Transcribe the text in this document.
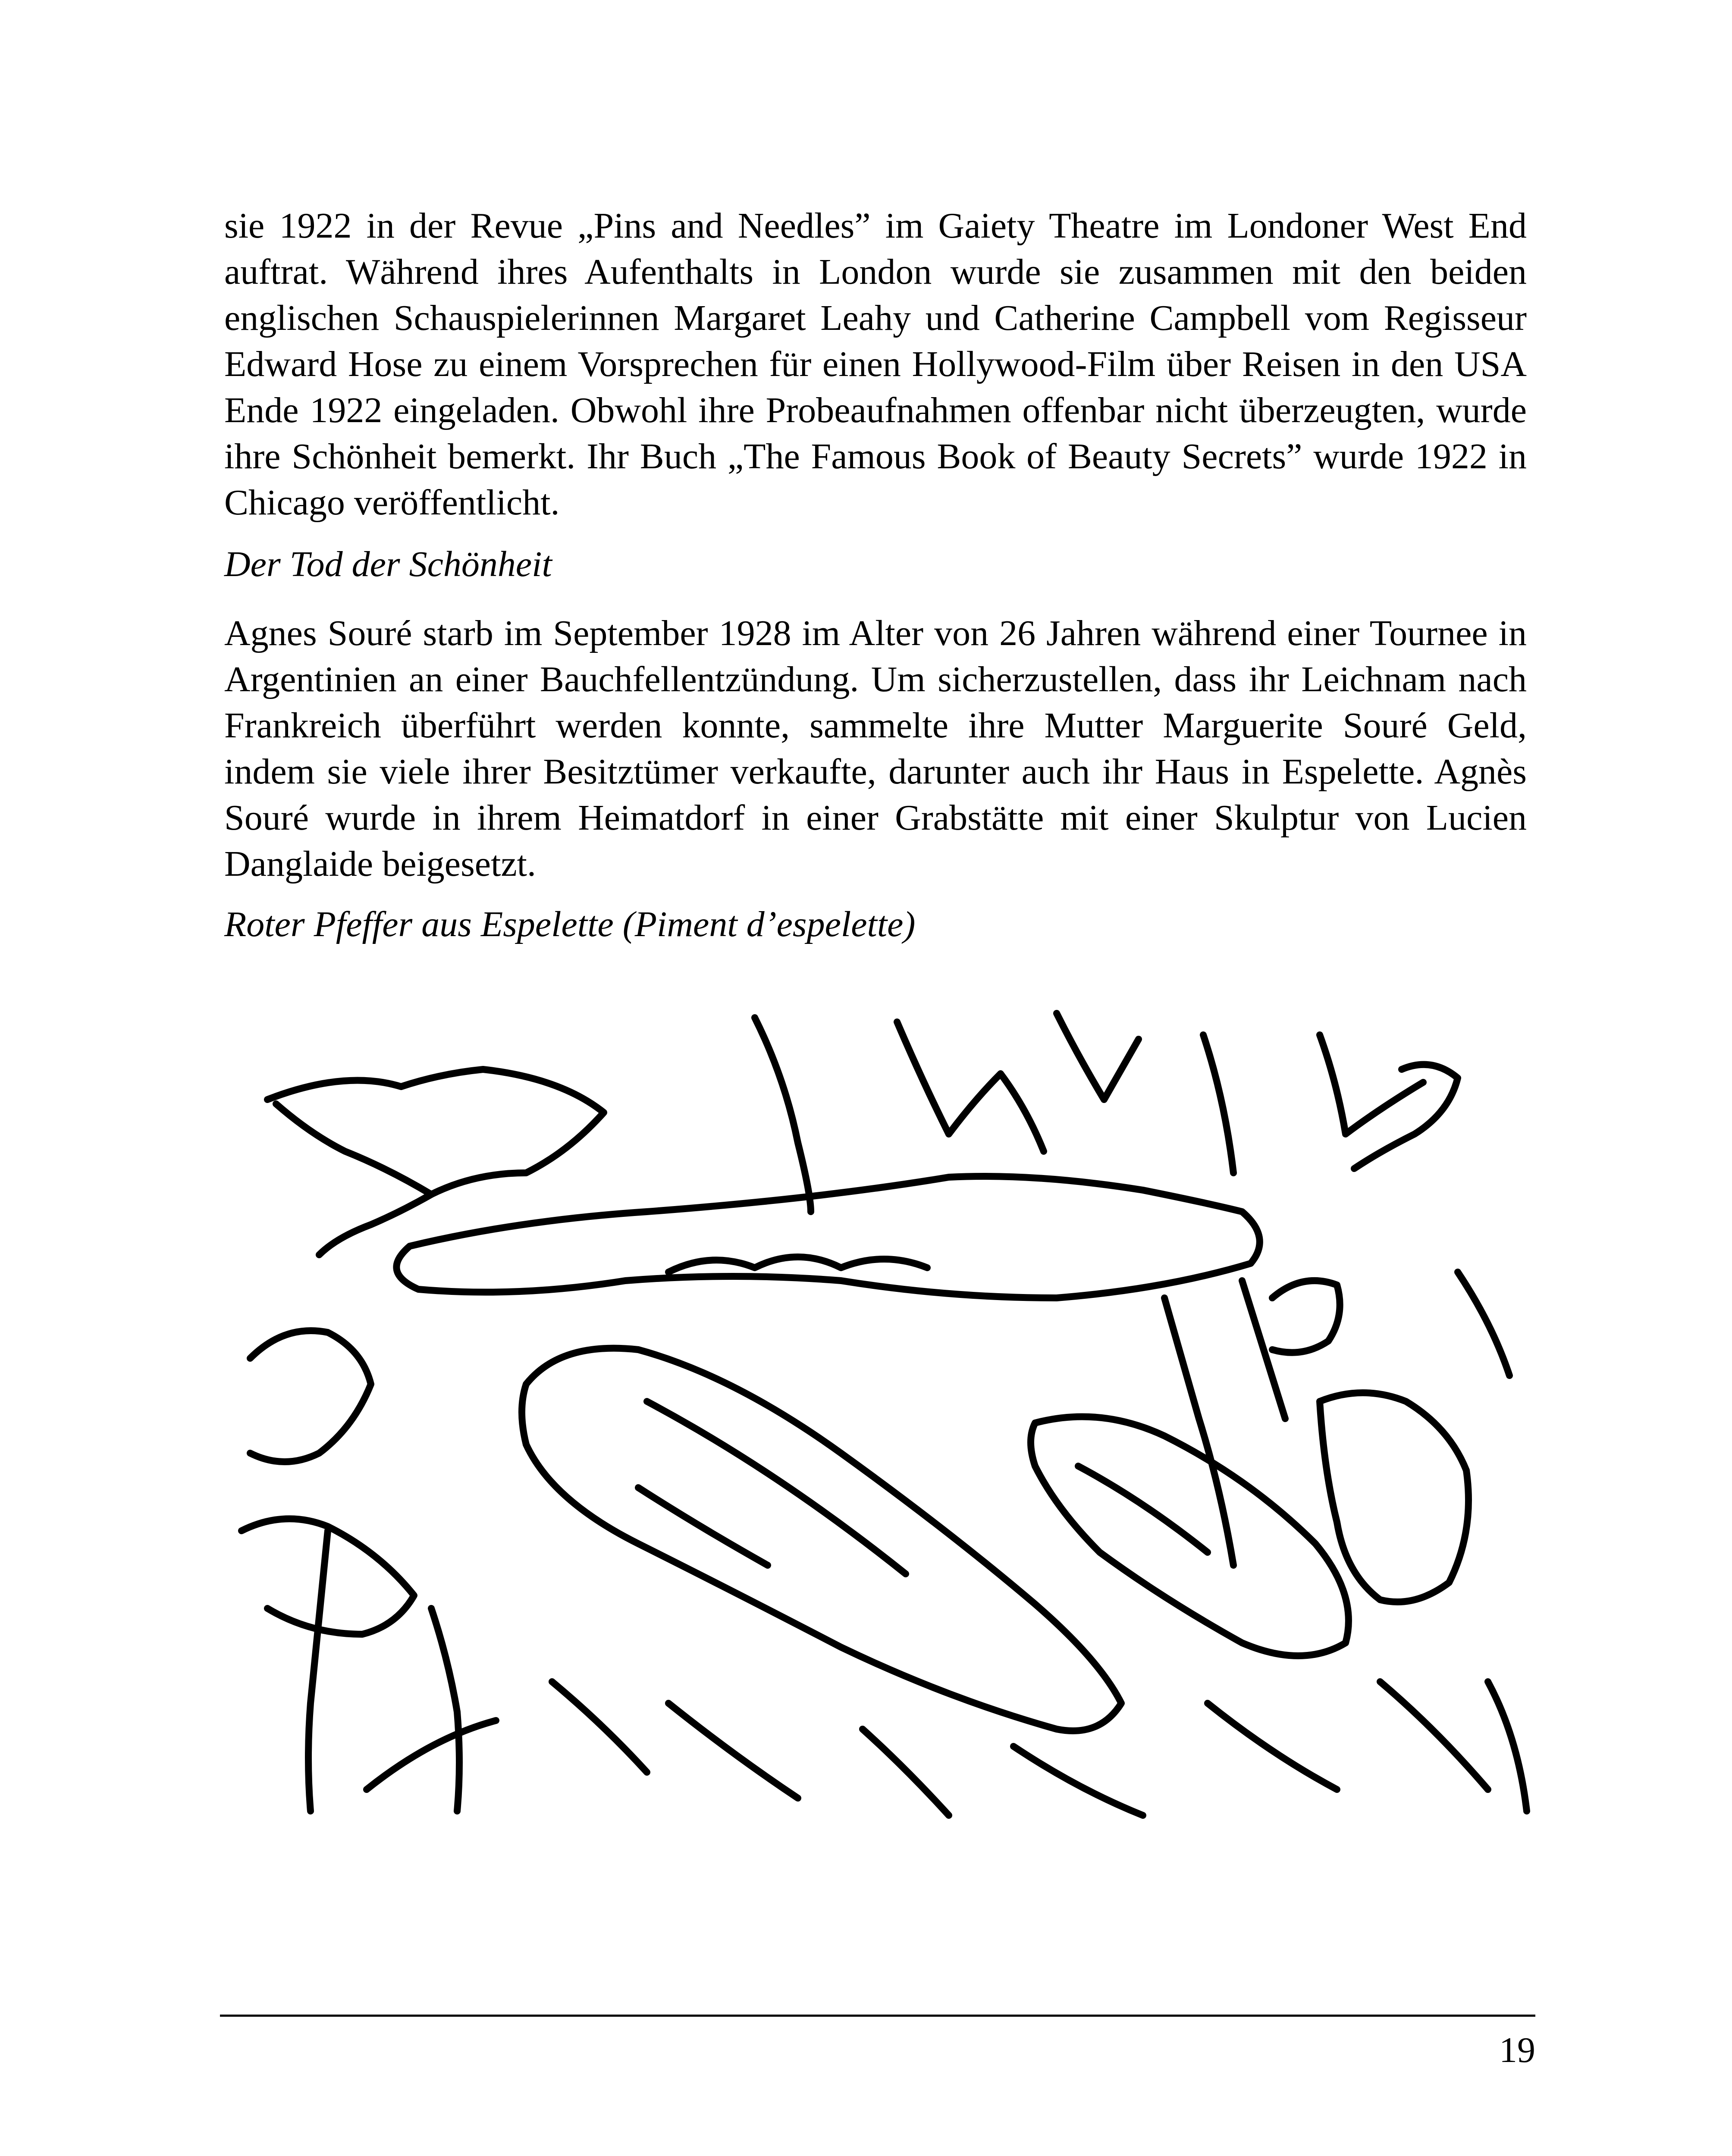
sie 1922 in der Revue „Pins and Needles” im Gaiety Theatre im Londoner West End auftrat. Während ihres Aufenthalts in London wurde sie zusammen mit den beiden englischen Schauspielerinnen Margaret Leahy und Catherine Campbell vom Regisseur Edward Hose zu einem Vorsprechen für einen Hollywood-Film über Reisen in den USA Ende 1922 eingeladen. Obwohl ihre Probeaufnahmen offenbar nicht überzeugten, wurde ihre Schönheit bemerkt. Ihr Buch „The Famous Book of Beauty Secrets” wurde 1922 in Chicago veröffentlicht.

Der Tod der Schönheit

Agnes Souré starb im September 1928 im Alter von 26 Jahren während einer Tournee in Argentinien an einer Bauchfellentzündung. Um sicherzustellen, dass ihr Leichnam nach Frankreich überführt werden konnte, sammelte ihre Mutter Marguerite Souré Geld, indem sie viele ihrer Besitztümer verkaufte, darunter auch ihr Haus in Espelette. Agnès Souré wurde in ihrem Heimatdorf in einer Grabstätte mit einer Skulptur von Lucien Danglaide beigesetzt.

Roter Pfeffer aus Espelette (Piment d’espelette)

19
